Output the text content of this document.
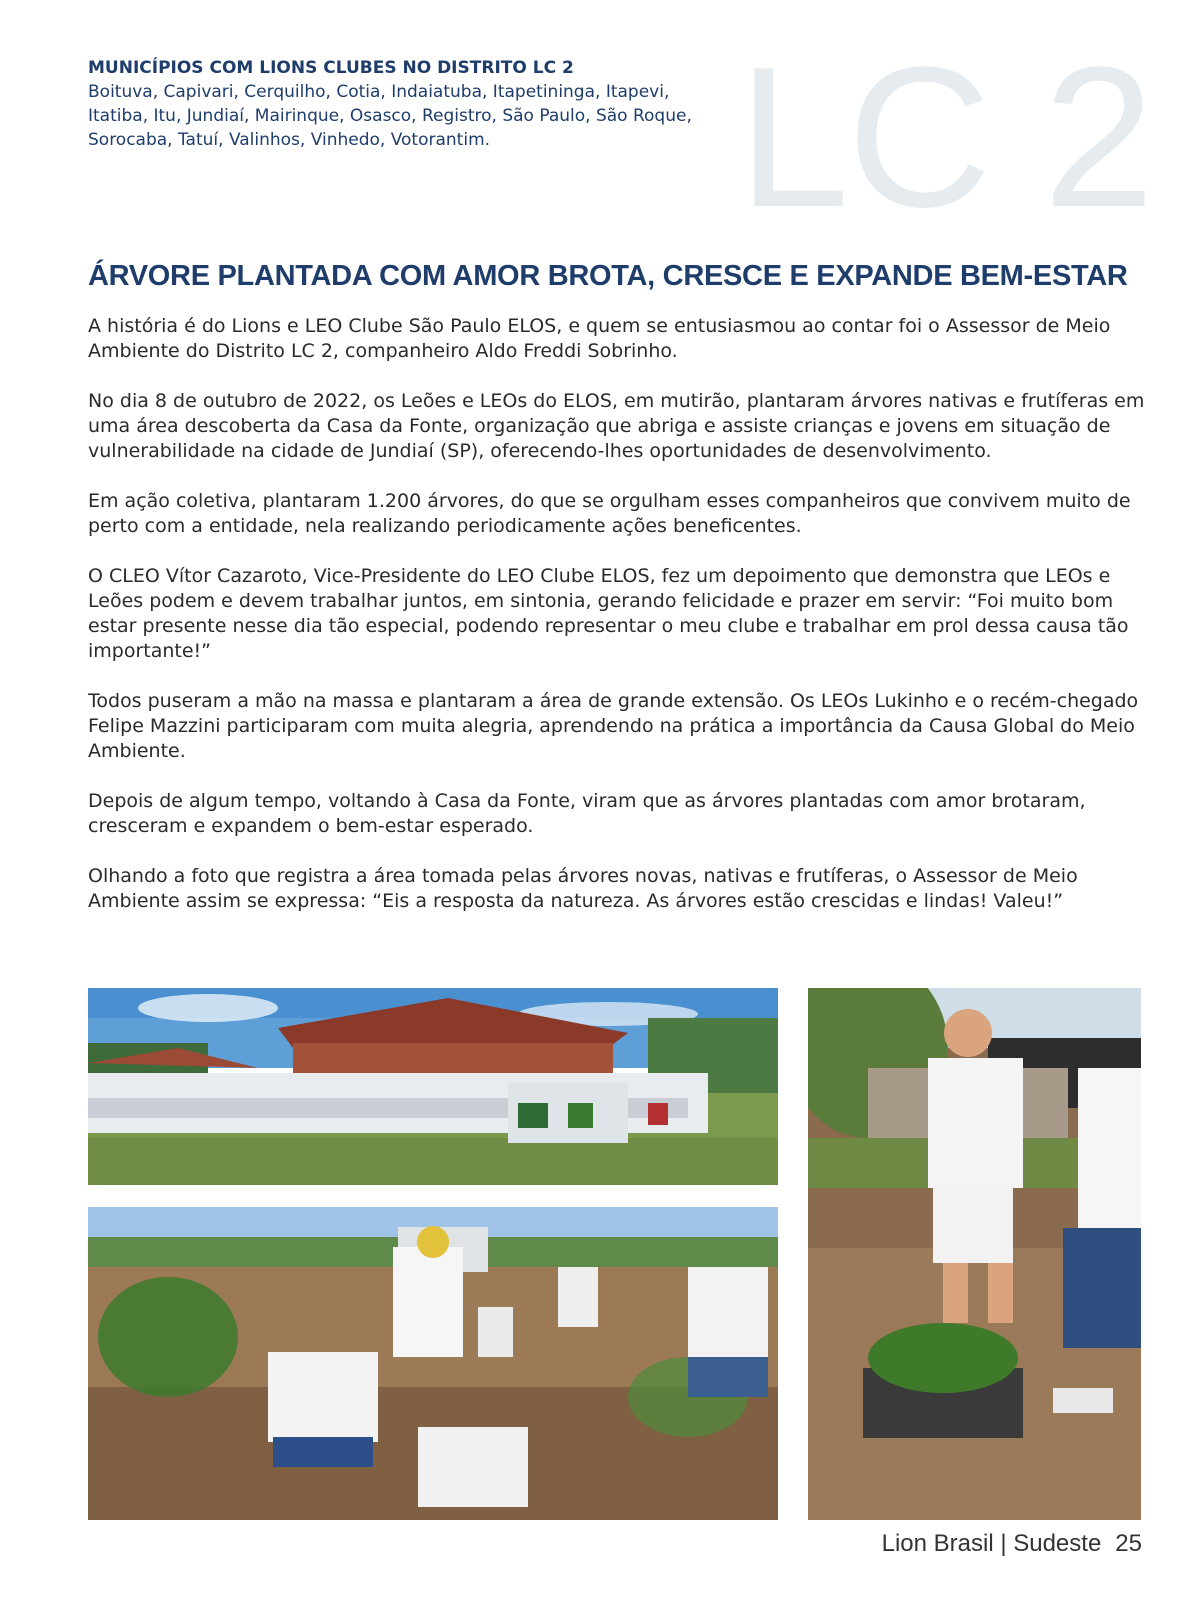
MUNICÍPIOS COM LIONS CLUBES NO DISTRITO LC 2
Boituva, Capivari, Cerquilho, Cotia, Indaiatuba, Itapetininga, Itapevi, Itatiba, Itu, Jundiaí, Mairinque, Osasco, Registro, São Paulo, São Roque, Sorocaba, Tatuí, Valinhos, Vinhedo, Votorantim.	LC 2
ÁRVORE PLANTADA COM AMOR BROTA, CRESCE E EXPANDE BEM-ESTAR

A história é do Lions e LEO Clube São Paulo ELOS, e quem se entusiasmou ao contar foi o Assessor de Meio Ambiente do Distrito LC 2, companheiro Aldo Freddi Sobrinho.

No dia 8 de outubro de 2022, os Leões e LEOs do ELOS, em mutirão, plantaram árvores nativas e frutíferas em uma área descoberta da Casa da Fonte, organização que abriga e assiste crianças e jovens em situação de vulnerabilidade na cidade de Jundiaí (SP), oferecendo-lhes oportunidades de desenvolvimento.

Em ação coletiva, plantaram 1.200 árvores, do que se orgulham esses companheiros que convivem muito de perto com a entidade, nela realizando periodicamente ações beneficentes.

O CLEO Vítor Cazaroto, Vice-Presidente do LEO Clube ELOS, fez um depoimento que demonstra que LEOs e Leões podem e devem trabalhar juntos, em sintonia, gerando felicidade e prazer em servir: “Foi muito bom estar presente nesse dia tão especial, podendo representar o meu clube e trabalhar em prol dessa causa tão importante!”

Todos puseram a mão na massa e plantaram a área de grande extensão. Os LEOs Lukinho e o recém-chegado Felipe Mazzini participaram com muita alegria, aprendendo na prática a importância da Causa Global do Meio Ambiente.

Depois de algum tempo, voltando à Casa da Fonte, viram que as árvores plantadas com amor brotaram, cresceram e expandem o bem-estar esperado.

Olhando a foto que registra a área tomada pelas árvores novas, nativas e frutíferas, o Assessor de Meio Ambiente assim se expressa: “Eis a resposta da natureza. As árvores estão crescidas e lindas! Valeu!”

Lion Brasil | Sudeste 25
